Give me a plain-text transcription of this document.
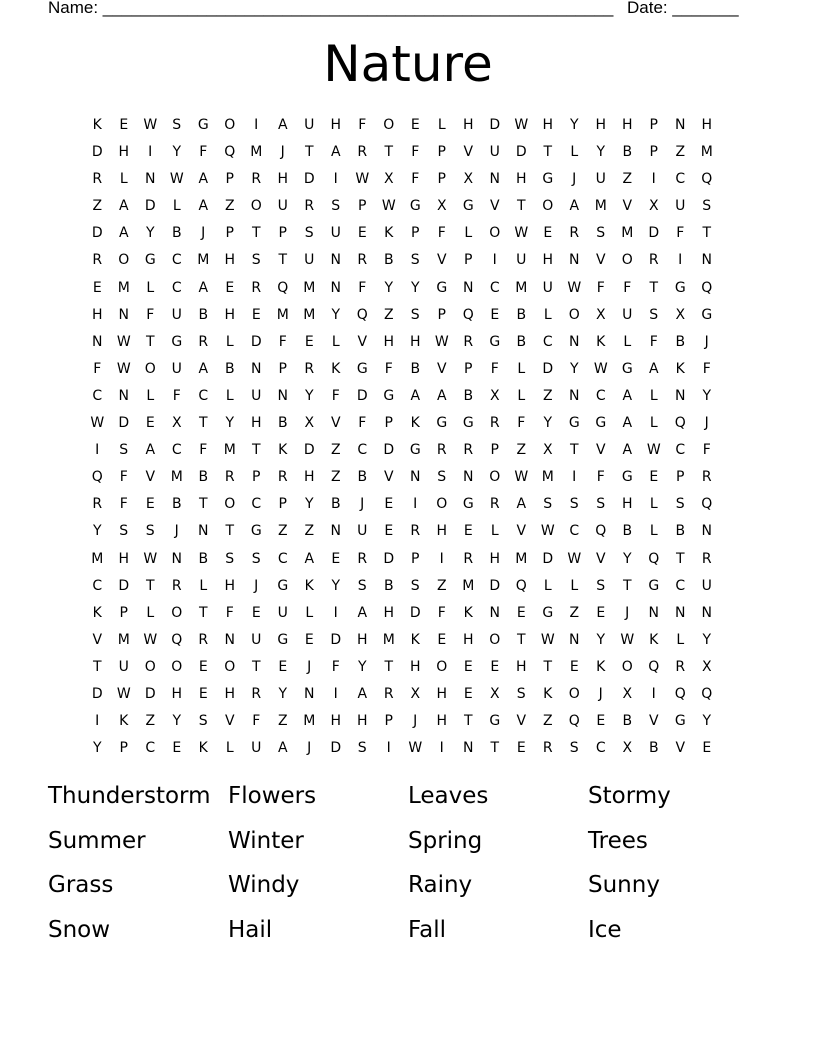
Name: ______________________________________________________ Date: _______
Nature
K	E	W	S	G	O	I	A	U	H	F	O	E	L	H	D	W	H	Y	H	H	P	N	H
D	H	I	Y	F	Q	M	J	T	A	R	T	F	P	V	U	D	T	L	Y	B	P	Z	M
R	L	N	W	A	P	R	H	D	I	W	X	F	P	X	N	H	G	J	U	Z	I	C	Q
Z	A	D	L	A	Z	O	U	R	S	P	W	G	X	G	V	T	O	A	M	V	X	U	S
D	A	Y	B	J	P	T	P	S	U	E	K	P	F	L	O	W	E	R	S	M	D	F	T
R	O	G	C	M	H	S	T	U	N	R	B	S	V	P	I	U	H	N	V	O	R	I	N
E	M	L	C	A	E	R	Q	M	N	F	Y	Y	G	N	C	M	U	W	F	F	T	G	Q
H	N	F	U	B	H	E	M	M	Y	Q	Z	S	P	Q	E	B	L	O	X	U	S	X	G
N	W	T	G	R	L	D	F	E	L	V	H	H	W	R	G	B	C	N	K	L	F	B	J
F	W	O	U	A	B	N	P	R	K	G	F	B	V	P	F	L	D	Y	W	G	A	K	F
C	N	L	F	C	L	U	N	Y	F	D	G	A	A	B	X	L	Z	N	C	A	L	N	Y
W	D	E	X	T	Y	H	B	X	V	F	P	K	G	G	R	F	Y	G	G	A	L	Q	J
I	S	A	C	F	M	T	K	D	Z	C	D	G	R	R	P	Z	X	T	V	A	W	C	F
Q	F	V	M	B	R	P	R	H	Z	B	V	N	S	N	O	W M	I	F	G	E	P	R
R	F	E	B	T	O	C	P	Y	B	J	E	I	O	G	R	A	S	S	S	H	L	S	Q
Y	S	S	J	N	T	G	Z	Z	N	U	E	R	H	E	L	V	W	C	Q	B	L	B	N
M	H	W	N	B	S	S	C	A	E	R	D	P	I	R	H	M	D	W	V	Y	Q	T	R
C	D	T	R	L	H	J	G	K	Y	S	B	S	Z	M	D	Q	L	L	S	T	G	C	U
K	P	L	O	T	F	E	U	L	I	A	H	D	F	K	N	E	G	Z	E	J	N	N	N
V	M W	Q	R	N	U	G	E	D	H	M	K	E	H	O	T	W	N	Y	W	K	L	Y
T	U	O	O	E	O	T	E	J	F	Y	T	H	O	E	E	H	T	E	K	O	Q	R	X
D	W	D	H	E	H	R	Y	N	I	A	R	X	H	E	X	S	K	O	J	X	I	Q	Q
I	K	Z	Y	S	V	F	Z	M	H	H	P	J	H	T	G	V	Z	Q	E	B	V	G	Y
Y	P	C	E	K	L	U	A	J	D	S	I	W	I	N	T	E	R	S	C	X	B	V	E
Thunderstorm Flowers	Leaves	Stormy
Summer	Winter	Spring	Trees
Grass	Windy	Rainy	Sunny
Snow	Hail	Fall	Ice
